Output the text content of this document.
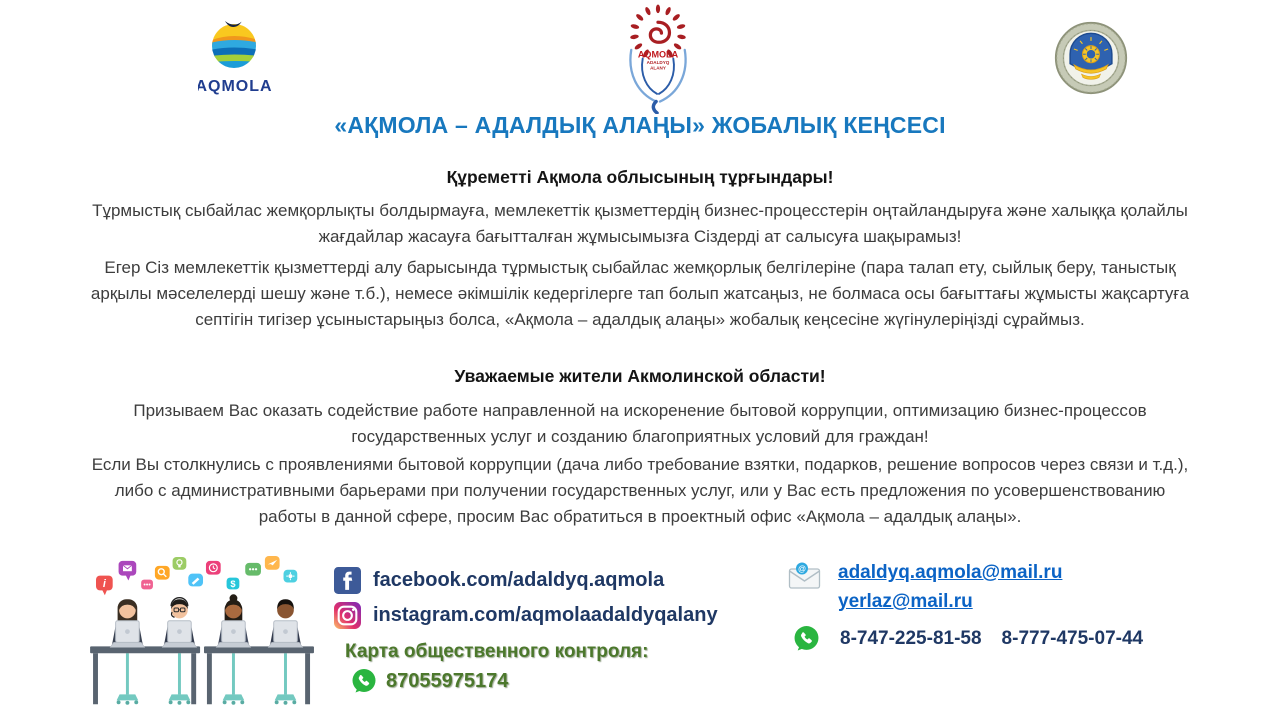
AQMOLA
AQMOLA
ADALDYQ
ALANY
«АҚМОЛА – АДАЛДЫҚ АЛАҢЫ» ЖОБАЛЫҚ КЕҢСЕСІ
Құреметті Ақмола облысының тұрғындары!

Тұрмыстық сыбайлас жемқорлықты болдырмауға, мемлекеттік қызметтердің бизнес-процесстерін оңтайландыруға және халыққа қолайлы жағдайлар жасауға бағытталған жұмысымызға Сіздерді ат салысуға шақырамыз!

Егер Сіз мемлекеттік қызметтерді алу барысында тұрмыстық сыбайлас жемқорлық белгілеріне (пара талап ету, сыйлық беру, таныстық арқылы мәселелерді шешу және т.б.), немесе әкімшілік кедергілерге тап болып жатсаңыз, не болмаса осы бағыттағы жұмысты жақсартуға септігін тигізер ұсыныстарыңыз болса, «Ақмола – адалдық алаңы» жобалық кеңсесіне жүгінулеріңізді сұраймыз.

Уважаемые жители Акмолинской области!

Призываем Вас оказать содействие работе направленной на искоренение бытовой коррупции, оптимизацию бизнес-процессов государственных услуг и созданию благоприятных условий для граждан!

Если Вы столкнулись с проявлениями бытовой коррупции (дача либо требование взятки, подарков, решение вопросов через связи и т.д.), либо с административными барьерами при получении государственных услуг, или у Вас есть предложения по усовершенствованию работы в данной сфере, просим Вас обратиться в проектный офис «Ақмола – адалдық алаңы».

i	$	facebook.com/adaldyq.aqmola
instagram.com/aqmolaadaldyqalany
Карта общественного контроля:
87055975174
@ adaldyq.aqmola@mail.ru
yerlaz@mail.ru
8-747-225-81-58 8-777-475-07-44
